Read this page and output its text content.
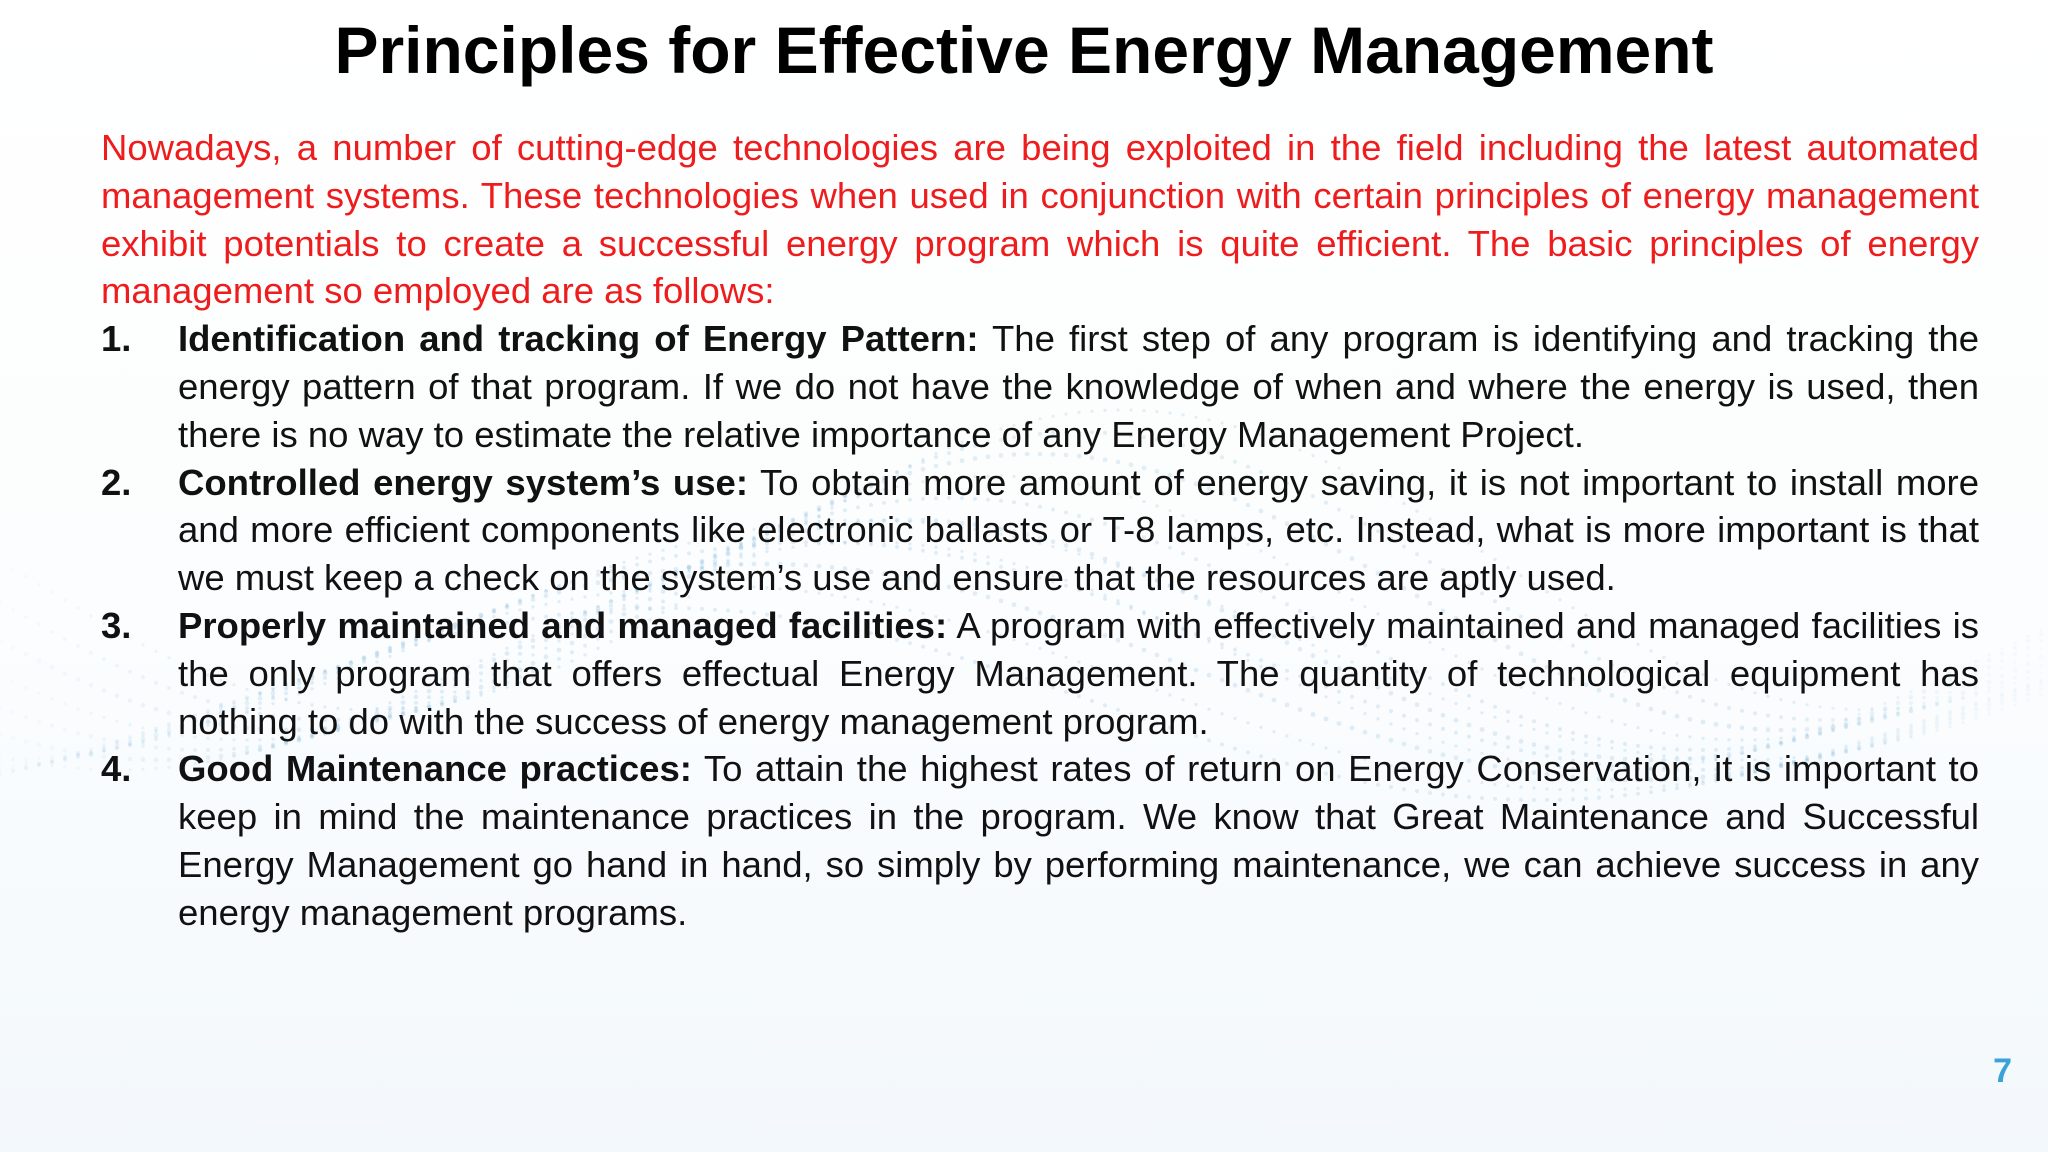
Principles for Effective Energy Management

Nowadays, a number of cutting-edge technologies are being exploited in the field including the latest automated management systems. These technologies when used in conjunction with certain principles of energy management exhibit potentials to create a successful energy program which is quite efficient. The basic principles of energy management so employed are as follows:

1. Identification and tracking of Energy Pattern: The first step of any program is identifying and tracking the energy pattern of that program. If we do not have the knowledge of when and where the energy is used, then there is no way to estimate the relative importance of any Energy Management Project.
2. Controlled energy system’s use: To obtain more amount of energy saving, it is not important to install more and more efficient components like electronic ballasts or T-8 lamps, etc. Instead, what is more important is that we must keep a check on the system’s use and ensure that the resources are aptly used.
3. Properly maintained and managed facilities: A program with effectively maintained and managed facilities is the only program that offers effectual Energy Management. The quantity of technological equipment has nothing to do with the success of energy management program.
4. Good Maintenance practices: To attain the highest rates of return on Energy Conservation, it is important to keep in mind the maintenance practices in the program. We know that Great Maintenance and Successful Energy Management go hand in hand, so simply by performing maintenance, we can achieve success in any energy management programs.
7
